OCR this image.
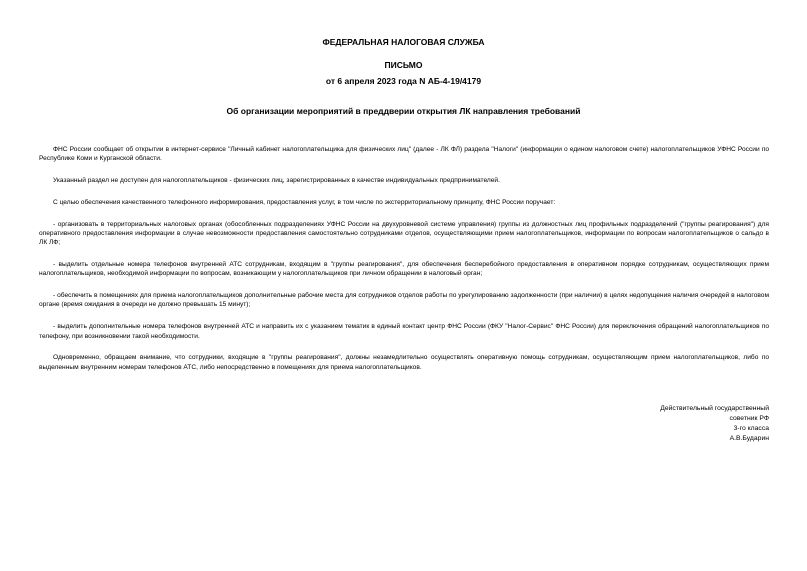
ФЕДЕРАЛЬНАЯ НАЛОГОВАЯ СЛУЖБА
ПИСЬМО
от 6 апреля 2023 года N АБ-4-19/4179
Об организации мероприятий в преддверии открытия ЛК направления требований

ФНС России сообщает об открытии в интернет-сервисе "Личный кабинет налогоплательщика для физических лиц" (далее - ЛК ФЛ) раздела "Налоги" (информации о едином налоговом счете) налогоплательщиков УФНС России по Республике Коми и Курганской области.

Указанный раздел не доступен для налогоплательщиков - физических лиц, зарегистрированных в качестве индивидуальных предпринимателей.

С целью обеспечения качественного телефонного информирования, предоставления услуг, в том числе по экстерриториальному принципу, ФНС России поручает:

- организовать в территориальных налоговых органах (обособленных подразделениях УФНС России на двухуровневой системе управления) группы из должностных лиц профильных подразделений ("группы реагирования") для оперативного предоставления информации в случае невозможности предоставления самостоятельно сотрудниками отделов, осуществляющими прием налогоплательщиков, информации по вопросам налогоплательщиков о сальдо в ЛК ЛФ;

- выделить отдельные номера телефонов внутренней АТС сотрудникам, входящим в "группы реагирования", для обеспечения бесперебойного предоставления в оперативном порядке сотрудникам, осуществляющих прием налогоплательщиков, необходимой информации по вопросам, возникающим у налогоплательщиков при личном обращении в налоговый орган;

- обеспечить в помещениях для приема налогоплательщиков дополнительные рабочие места для сотрудников отделов работы по урегулированию задолженности (при наличии) в целях недопущения наличия очередей в налоговом органе (время ожидания в очереди не должно превышать 15 минут);

- выделить дополнительные номера телефонов внутренней АТС и направить их с указанием тематик в единый контакт центр ФНС России (ФКУ "Налог-Сервис" ФНС России) для переключения обращений налогоплательщиков по телефону, при возникновении такой необходимости.

Одновременно, обращаем внимание, что сотрудники, входящие в "группы реагирования", должны незамедлительно осуществлять оперативную помощь сотрудникам, осуществляющим прием налогоплательщиков, либо по выделенным внутренним номерам телефонов АТС, либо непосредственно в помещениях для приема налогоплательщиков.

Действительный государственный
советник РФ
3-го класса
А.В.Бударин
